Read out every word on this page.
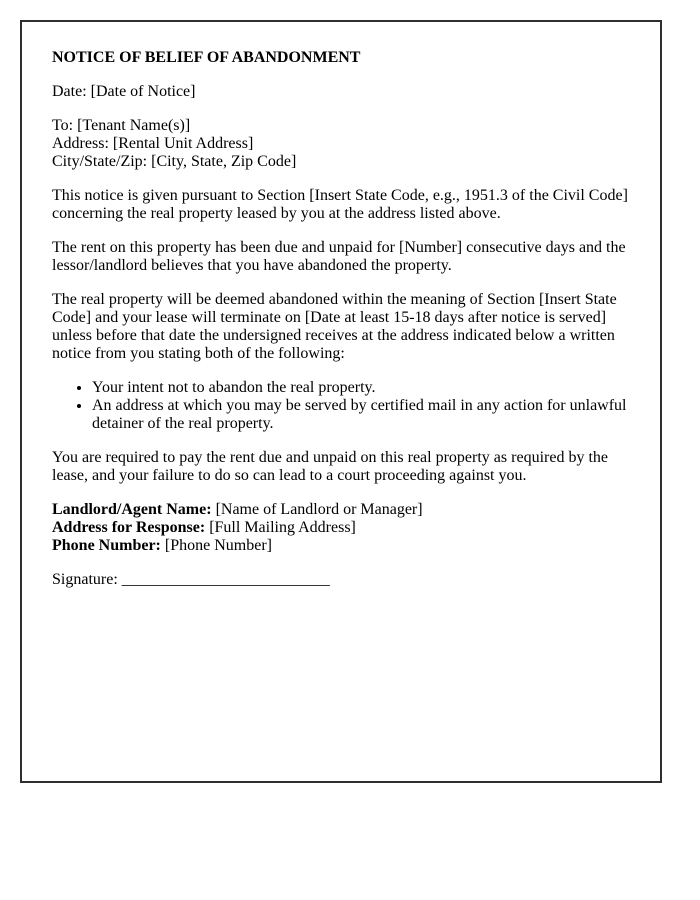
NOTICE OF BELIEF OF ABANDONMENT

Date: [Date of Notice]

To: [Tenant Name(s)]
Address: [Rental Unit Address]
City/State/Zip: [City, State, Zip Code]

This notice is given pursuant to Section [Insert State Code, e.g., 1951.3 of the Civil Code] concerning the real property leased by you at the address listed above.

The rent on this property has been due and unpaid for [Number] consecutive days and the lessor/landlord believes that you have abandoned the property.

The real property will be deemed abandoned within the meaning of Section [Insert State Code] and your lease will terminate on [Date at least 15-18 days after notice is served] unless before that date the undersigned receives at the address indicated below a written notice from you stating both of the following:

• Your intent not to abandon the real property.
• An address at which you may be served by certified mail in any action for unlawful detainer of the real property.

You are required to pay the rent due and unpaid on this real property as required by the lease, and your failure to do so can lead to a court proceeding against you.

Landlord/Agent Name: [Name of Landlord or Manager]
Address for Response: [Full Mailing Address]
Phone Number: [Phone Number]

Signature: __________________________
